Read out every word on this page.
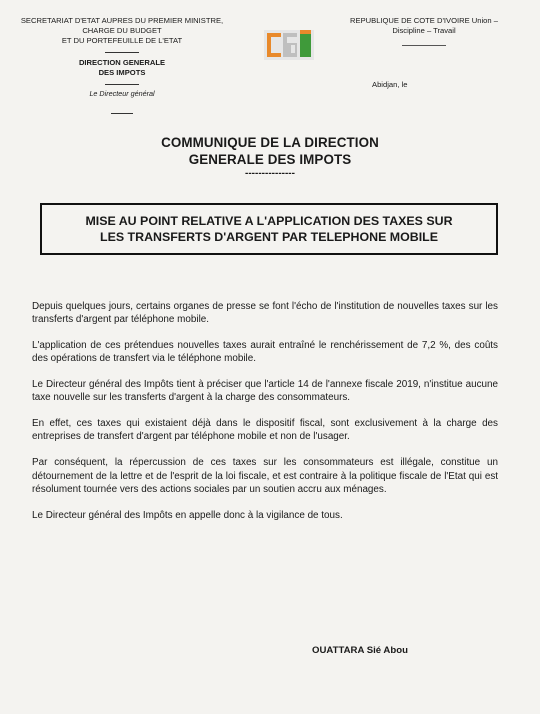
SECRETARIAT D'ETAT AUPRES DU PREMIER MINISTRE,
CHARGE DU BUDGET
ET DU PORTEFEUILLE DE L'ETAT
DIRECTION GENERALE
DES IMPOTS
Le Directeur général
REPUBLIQUE DE COTE D'IVOIRE Union – Discipline – Travail
Abidjan, le
COMMUNIQUE DE LA DIRECTION
GENERALE DES IMPOTS
---------------
MISE AU POINT RELATIVE A L'APPLICATION DES TAXES SUR
LES TRANSFERTS D'ARGENT PAR TELEPHONE MOBILE

Depuis quelques jours, certains organes de presse se font l'écho de l'institution de nouvelles taxes sur les transferts d'argent par téléphone mobile.

L'application de ces prétendues nouvelles taxes aurait entraîné le renchérissement de 7,2 %, des coûts des opérations de transfert via le téléphone mobile.

Le Directeur général des Impôts tient à préciser que l'article 14 de l'annexe fiscale 2019, n'institue aucune taxe nouvelle sur les transferts d'argent à la charge des consommateurs.

En effet, ces taxes qui existaient déjà dans le dispositif fiscal, sont exclusivement à la charge des entreprises de transfert d'argent par téléphone mobile et non de l'usager.

Par conséquent, la répercussion de ces taxes sur les consommateurs est illégale, constitue un détournement de la lettre et de l'esprit de la loi fiscale, et est contraire à la politique fiscale de l'Etat qui est résolument tournée vers des actions sociales par un soutien accru aux ménages.

Le Directeur général des Impôts en appelle donc à la vigilance de tous.

OUATTARA Sié Abou
